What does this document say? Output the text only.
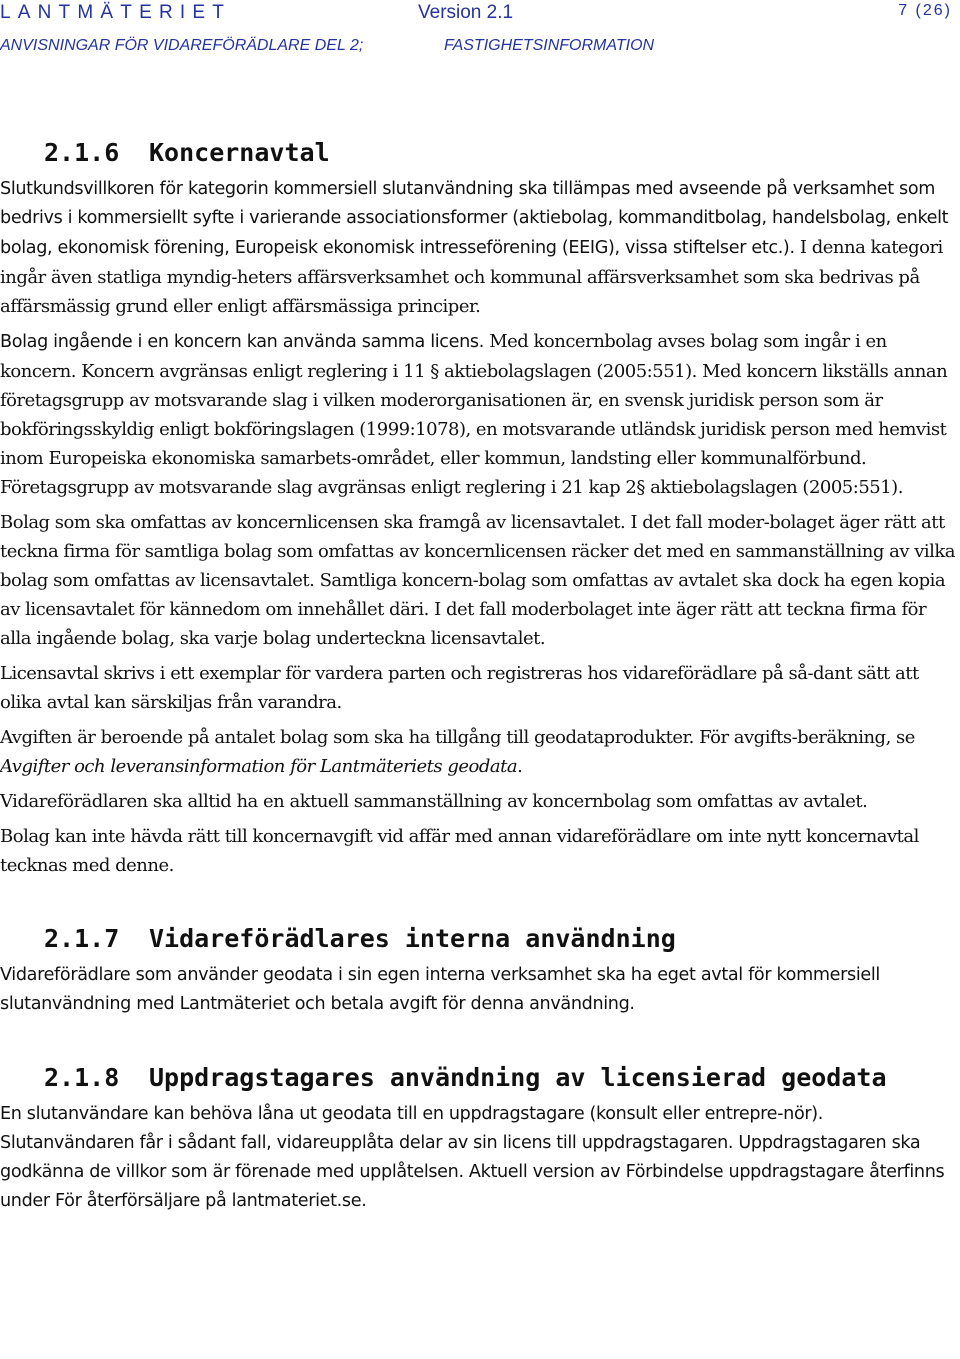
LANTMÄTERIET	Version 2.1	7 (26)
ANVISNINGAR FÖR VIDAREFÖRÄDLARE DEL 2;	FASTIGHETSINFORMATION
2.1.6	Koncernavtal

Slutkundsvillkoren för kategorin kommersiell slutanvändning ska tillämpas med avseende på verksamhet som bedrivs i kommersiellt syfte i varierande associationsformer (aktiebolag, kommanditbolag, handelsbolag, enkelt bolag, ekonomisk förening, Europeisk ekonomisk intresseförening (EEIG), vissa stiftelser etc.). I denna kategori ingår även statliga myndig-heters affärsverksamhet och kommunal affärsverksamhet som ska bedrivas på affärsmässig grund eller enligt affärsmässiga principer.

Bolag ingående i en koncern kan använda samma licens. Med koncernbolag avses bolag som ingår i en koncern. Koncern avgränsas enligt reglering i 11 § aktiebolagslagen (2005:551). Med koncern likställs annan företagsgrupp av motsvarande slag i vilken moderorganisationen är, en svensk juridisk person som är bokföringsskyldig enligt bokföringslagen (1999:1078), en motsvarande utländsk juridisk person med hemvist inom Europeiska ekonomiska samarbets-området, eller kommun, landsting eller kommunalförbund. Företagsgrupp av motsvarande slag avgränsas enligt reglering i 21 kap 2§ aktiebolagslagen (2005:551).

Bolag som ska omfattas av koncernlicensen ska framgå av licensavtalet. I det fall moder-bolaget äger rätt att teckna firma för samtliga bolag som omfattas av koncernlicensen räcker det med en sammanställning av vilka bolag som omfattas av licensavtalet. Samtliga koncern-bolag som omfattas av avtalet ska dock ha egen kopia av licensavtalet för kännedom om innehållet däri. I det fall moderbolaget inte äger rätt att teckna firma för alla ingående bolag, ska varje bolag underteckna licensavtalet.

Licensavtal skrivs i ett exemplar för vardera parten och registreras hos vidareförädlare på så-dant sätt att olika avtal kan särskiljas från varandra.

Avgiften är beroende på antalet bolag som ska ha tillgång till geodataprodukter. För avgifts-beräkning, se Avgifter och leveransinformation för Lantmäteriets geodata.

Vidareförädlaren ska alltid ha en aktuell sammanställning av koncernbolag som omfattas av avtalet.

Bolag kan inte hävda rätt till koncernavgift vid affär med annan vidareförädlare om inte nytt koncernavtal tecknas med denne.

2.1.7	Vidareförädlares interna användning

Vidareförädlare som använder geodata i sin egen interna verksamhet ska ha eget avtal för kommersiell slutanvändning med Lantmäteriet och betala avgift för denna användning.

2.1.8	Uppdragstagares användning av licensierad geodata

En slutanvändare kan behöva låna ut geodata till en uppdragstagare (konsult eller entrepre-nör). Slutanvändaren får i sådant fall, vidareupplåta delar av sin licens till uppdragstagaren. Uppdragstagaren ska godkänna de villkor som är förenade med upplåtelsen. Aktuell version av Förbindelse uppdragstagare återfinns under För återförsäljare på lantmateriet.se.
